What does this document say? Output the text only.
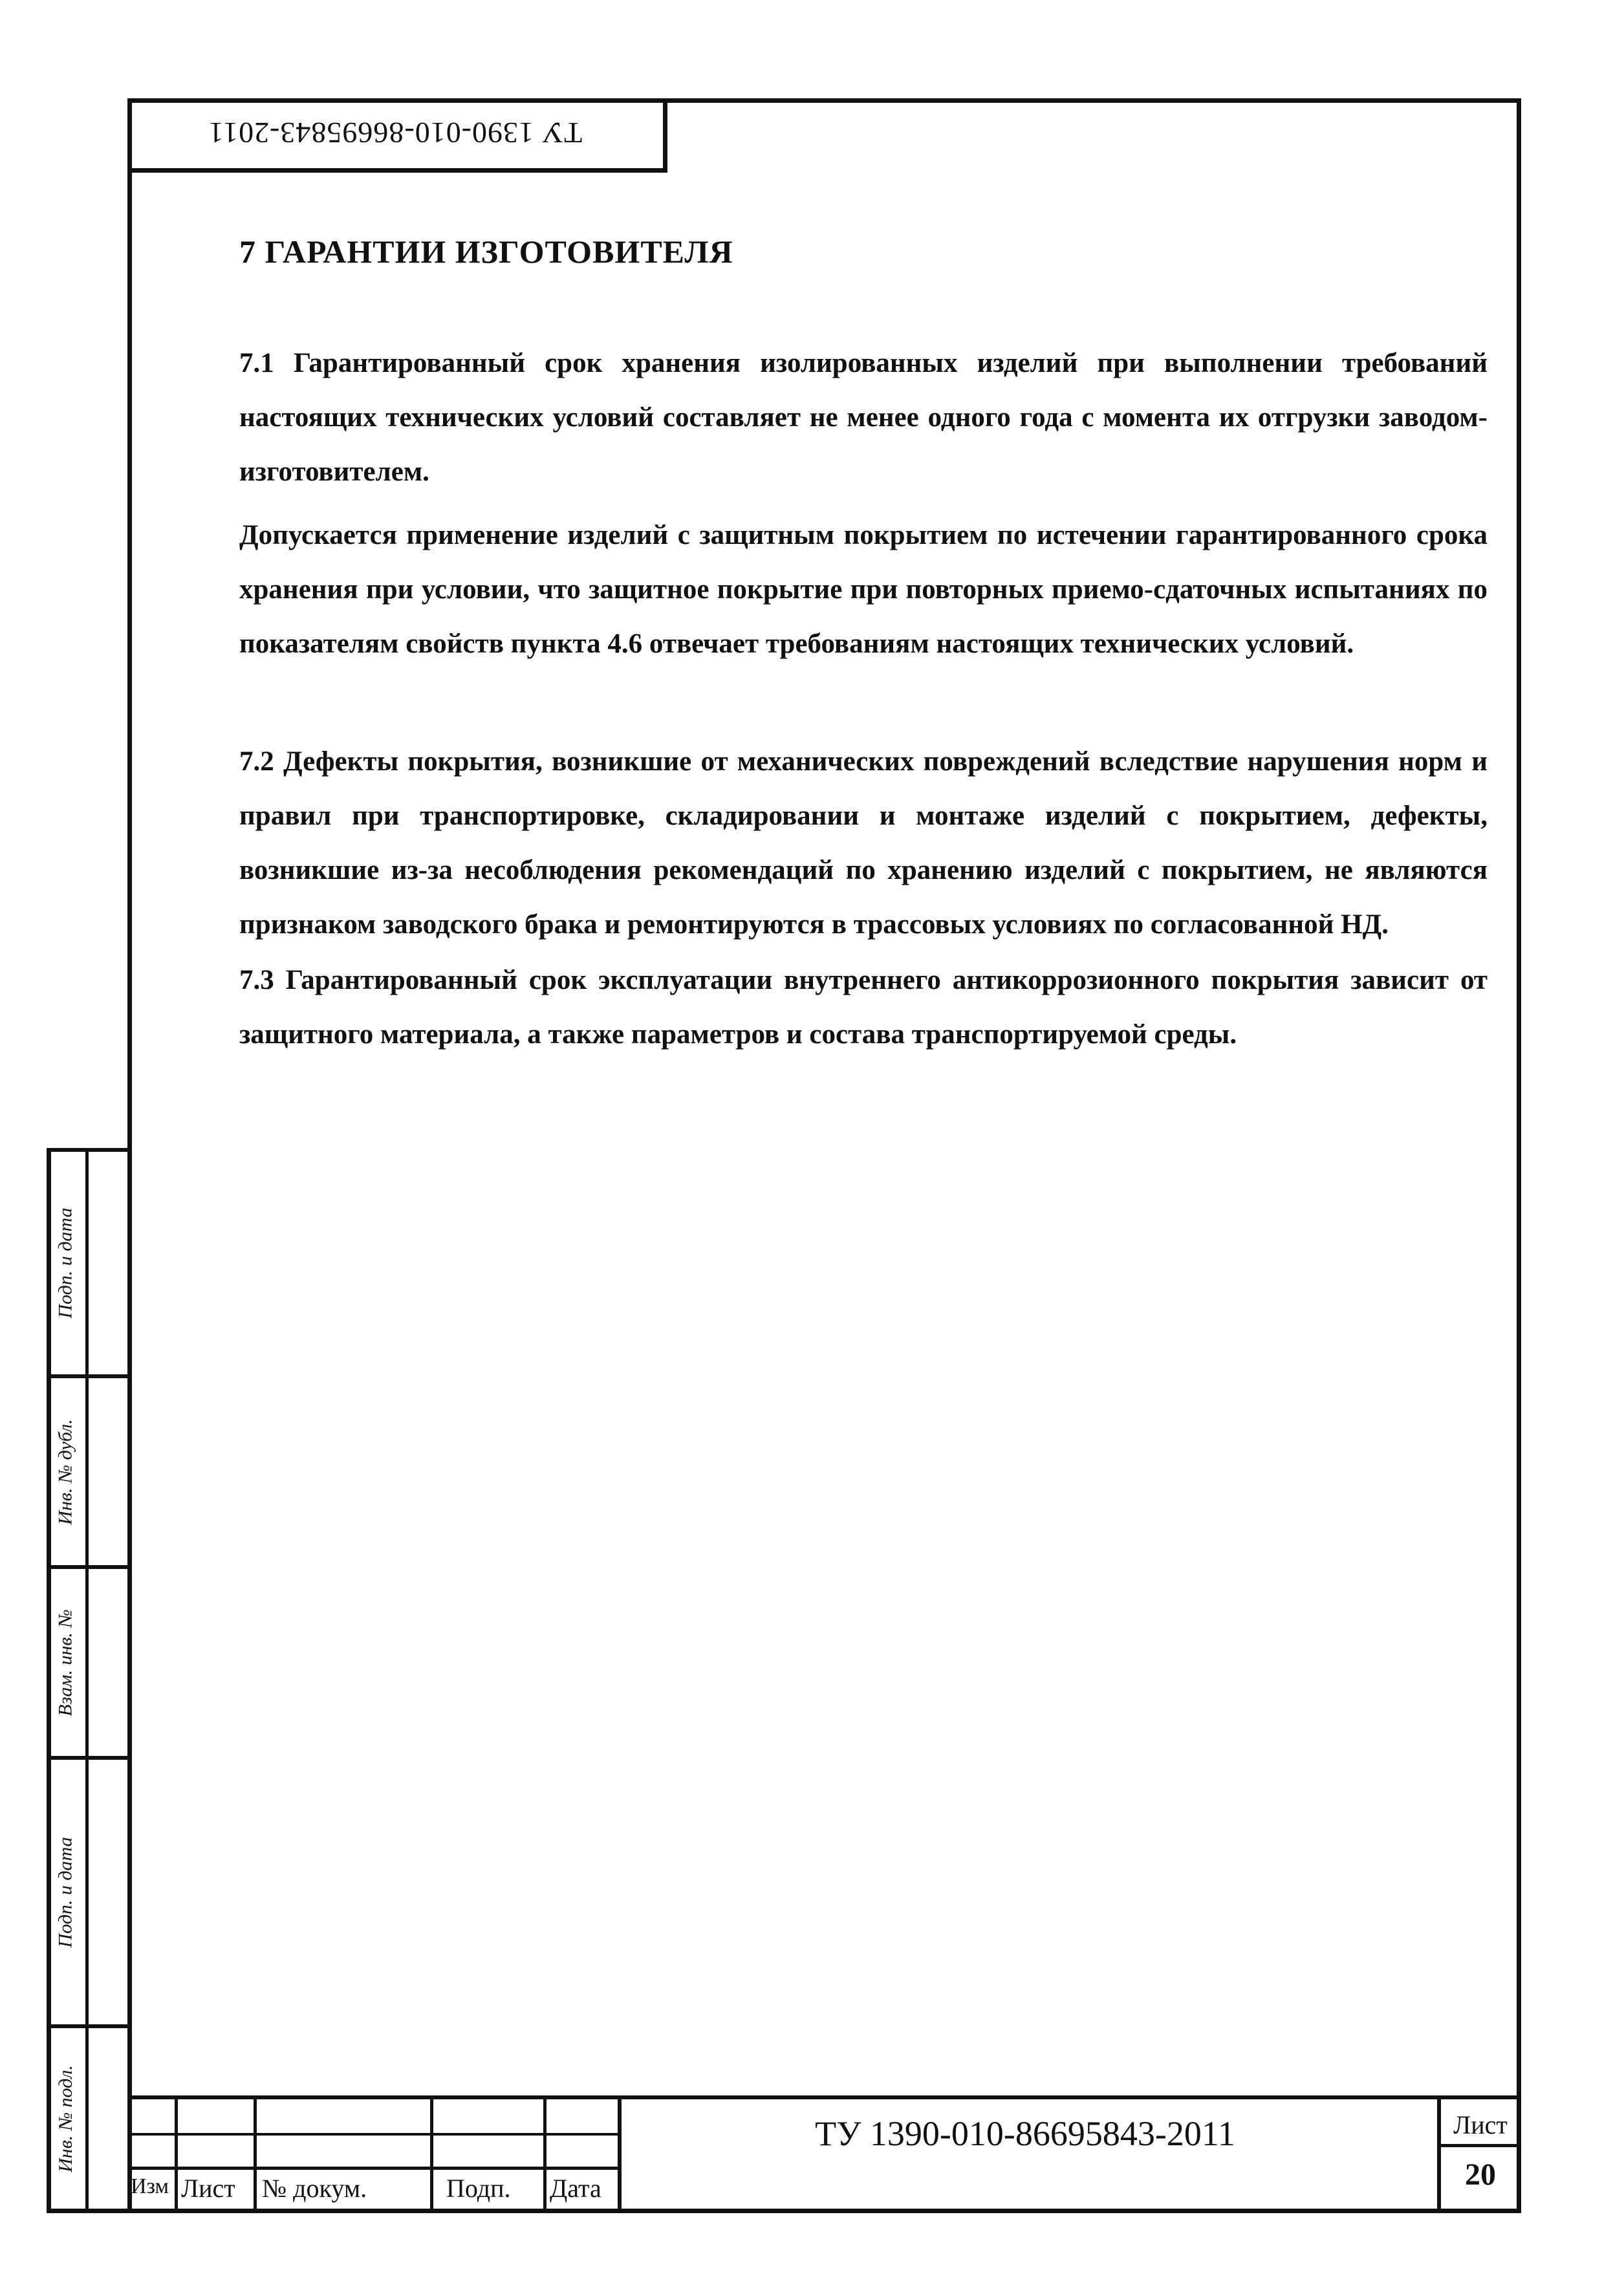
ТУ 1390-010-86695843-2011
7 ГАРАНТИИ ИЗГОТОВИТЕЛЯ
7.1 Гарантированный срок хранения изолированных изделий при выполнении требований настоящих технических условий составляет не менее одного года с момента их отгрузки заводом-изготовителем.
Допускается применение изделий с защитным покрытием по истечении гарантированного срока хранения при условии, что защитное покрытие при повторных приемо-сдаточных испытаниях по показателям свойств пункта 4.6 отвечает требованиям настоящих технических условий.
7.2 Дефекты покрытия, возникшие от механических повреждений вследствие нарушения норм и правил при транспортировке, складировании и монтаже изделий с покрытием, дефекты, возникшие из-за несоблюдения рекомендаций по хранению изделий с покрытием, не являются признаком заводского брака и ремонтируются в трассовых условиях по согласованной НД.
7.3 Гарантированный срок эксплуатации внутреннего антикоррозионного покрытия зависит от защитного материала, а также параметров и состава транспортируемой среды.
Подп. и дата
Инв. № дубл.
Взам. инв. №
Подп. и дата
Инв. № подл.
Изм Лист № докум.	Подп. Дата
ТУ 1390-010-86695843-2011	Лист
20
